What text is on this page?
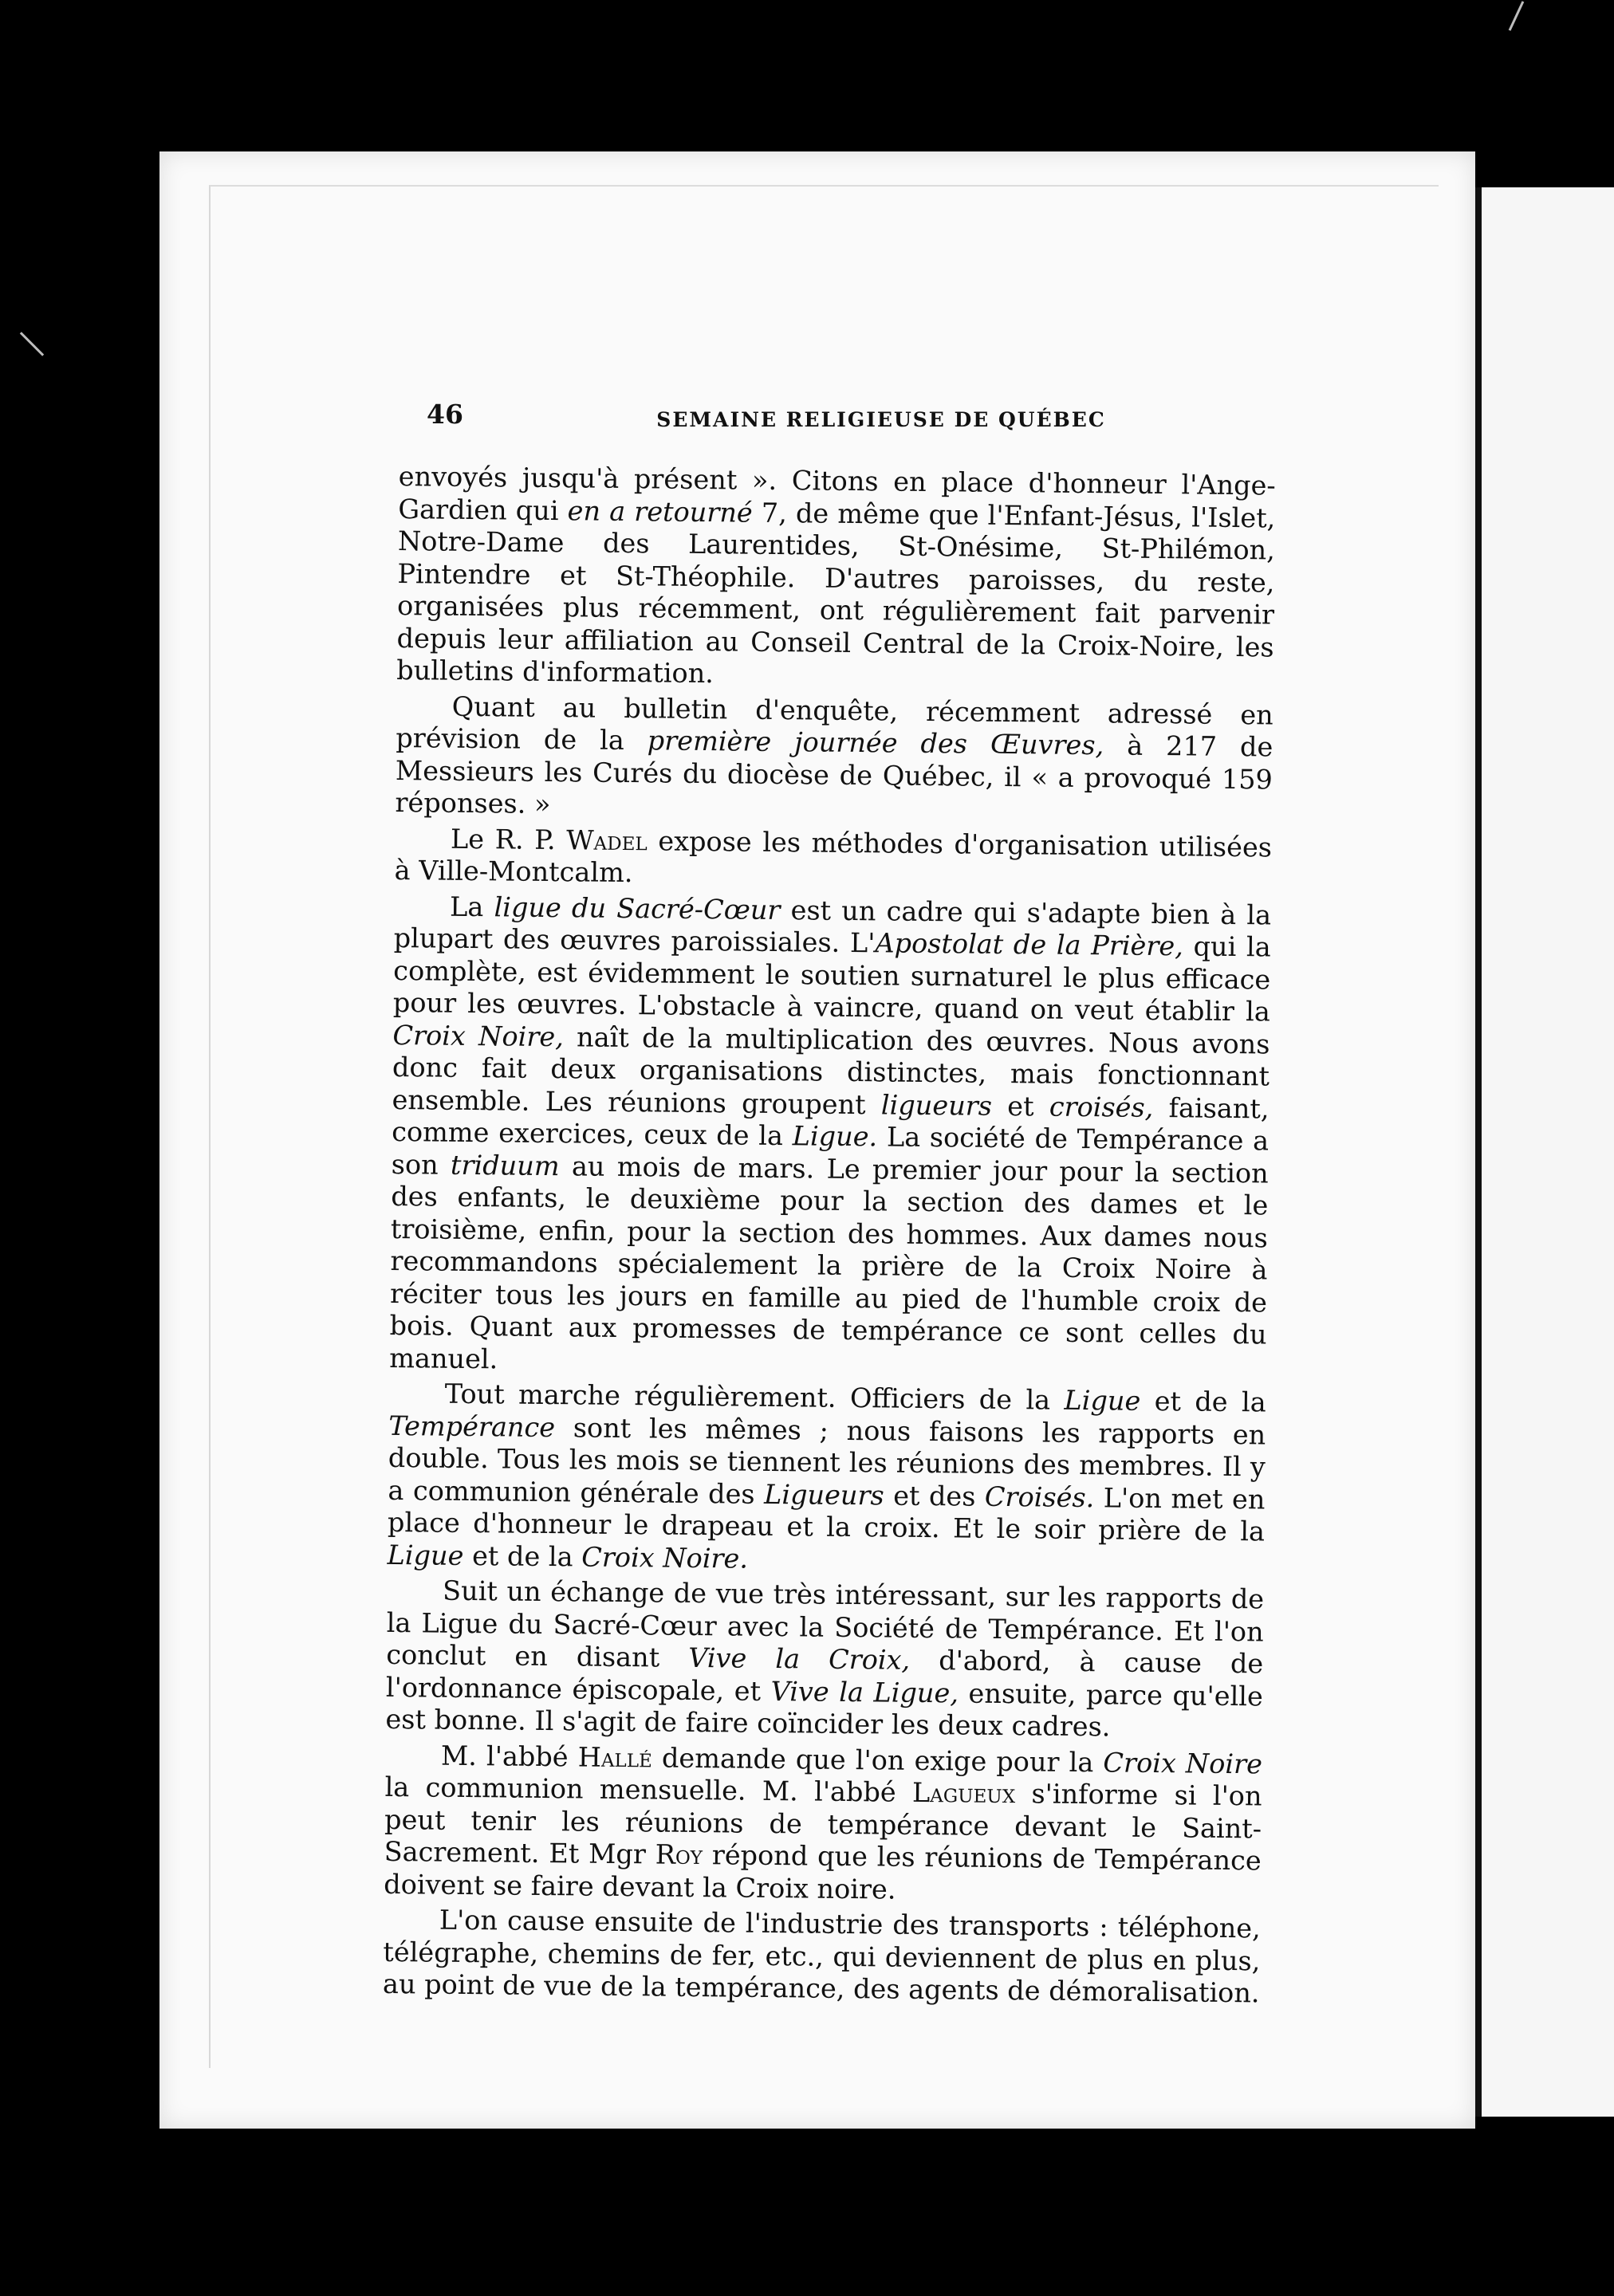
46	SEMAINE RELIGIEUSE DE QUÉBEC

envoyés jusqu'à présent ». Citons en place d'honneur l'Ange-Gardien qui en a retourné 7, de même que l'Enfant-Jésus, l'Islet, Notre-Dame des Laurentides, St-Onésime, St-Philémon, Pintendre et St-Théophile. D'autres paroisses, du reste, organisées plus récemment, ont régulièrement fait parvenir depuis leur affiliation au Conseil Central de la Croix-Noire, les bulletins d'information.

Quant au bulletin d'enquête, récemment adressé en prévision de la première journée des Œuvres, à 217 de Messieurs les Curés du diocèse de Québec, il « a provoqué 159 réponses. »

Le R. P. Wadel expose les méthodes d'organisation utilisées à Ville-Montcalm.

La ligue du Sacré-Cœur est un cadre qui s'adapte bien à la plupart des œuvres paroissiales. L'Apostolat de la Prière, qui la complète, est évidemment le soutien surnaturel le plus efficace pour les œuvres. L'obstacle à vaincre, quand on veut établir la Croix Noire, naît de la multiplication des œuvres. Nous avons donc fait deux organisations distinctes, mais fonctionnant ensemble. Les réunions groupent ligueurs et croisés, faisant, comme exercices, ceux de la Ligue. La société de Tempérance a son triduum au mois de mars. Le premier jour pour la section des enfants, le deuxième pour la section des dames et le troisième, enfin, pour la section des hommes. Aux dames nous recommandons spécialement la prière de la Croix Noire à réciter tous les jours en famille au pied de l'humble croix de bois. Quant aux promesses de tempérance ce sont celles du manuel.

Tout marche régulièrement. Officiers de la Ligue et de la Tempérance sont les mêmes ; nous faisons les rapports en double. Tous les mois se tiennent les réunions des membres. Il y a communion générale des Ligueurs et des Croisés. L'on met en place d'honneur le drapeau et la croix. Et le soir prière de la Ligue et de la Croix Noire.

Suit un échange de vue très intéressant, sur les rapports de la Ligue du Sacré-Cœur avec la Société de Tempérance. Et l'on conclut en disant Vive la Croix, d'abord, à cause de l'ordonnance épiscopale, et Vive la Ligue, ensuite, parce qu'elle est bonne. Il s'agit de faire coïncider les deux cadres.

M. l'abbé Hallé demande que l'on exige pour la Croix Noire la communion mensuelle. M. l'abbé Lagueux s'informe si l'on peut tenir les réunions de tempérance devant le Saint-Sacrement. Et Mgr Roy répond que les réunions de Tempérance doivent se faire devant la Croix noire.

L'on cause ensuite de l'industrie des transports : téléphone, télégraphe, chemins de fer, etc., qui deviennent de plus en plus, au point de vue de la tempérance, des agents de démoralisation.
